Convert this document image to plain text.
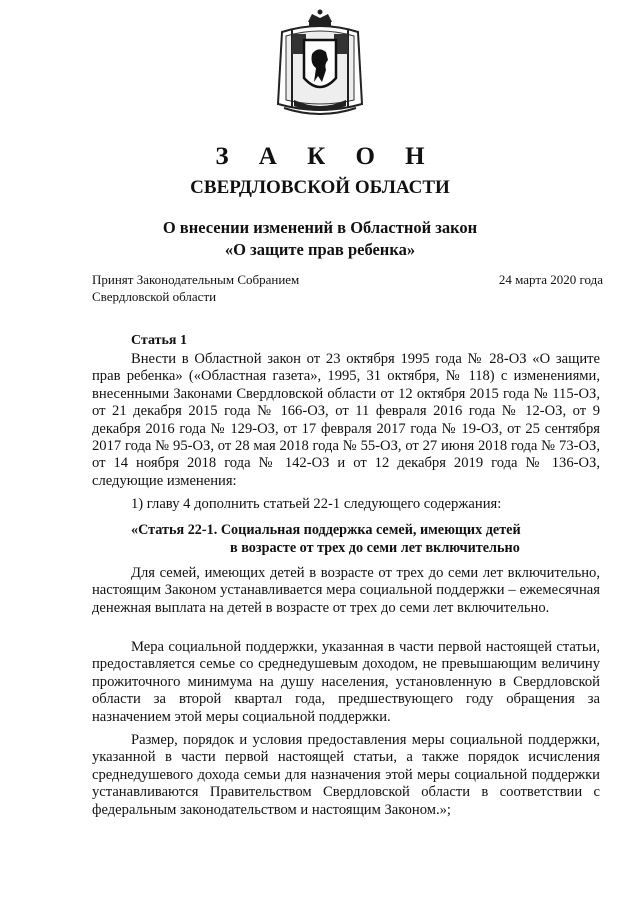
З А К О Н
СВЕРДЛОВСКОЙ ОБЛАСТИ
О внесении изменений в Областной закон
«О защите прав ребенка»
Принят Законодательным Собранием
Свердловской области
24 марта 2020 года
Статья 1
Внести в Областной закон от 23 октября 1995 года № 28-ОЗ «О защите прав ребенка» («Областная газета», 1995, 31 октября, № 118) с изменениями, внесенными Законами Свердловской области от 12 октября 2015 года № 115-ОЗ, от 21 декабря 2015 года № 166-ОЗ, от 11 февраля 2016 года № 12-ОЗ, от 9 декабря 2016 года № 129-ОЗ, от 17 февраля 2017 года № 19-ОЗ, от 25 сентября 2017 года № 95-ОЗ, от 28 мая 2018 года № 55-ОЗ, от 27 июня 2018 года № 73-ОЗ, от 14 ноября 2018 года № 142-ОЗ и от 12 декабря 2019 года № 136-ОЗ, следующие изменения:
1) главу 4 дополнить статьей 22-1 следующего содержания:
«Статья 22-1. Социальная поддержка семей, имеющих детей
в возрасте от трех до семи лет включительно
Для семей, имеющих детей в возрасте от трех до семи лет включительно, настоящим Законом устанавливается мера социальной поддержки – ежемесячная денежная выплата на детей в возрасте от трех до семи лет включительно.
Мера социальной поддержки, указанная в части первой настоящей статьи, предоставляется семье со среднедушевым доходом, не превышающим величину прожиточного минимума на душу населения, установленную в Свердловской области за второй квартал года, предшествующего году обращения за назначением этой меры социальной поддержки.
Размер, порядок и условия предоставления меры социальной поддержки, указанной в части первой настоящей статьи, а также порядок исчисления среднедушевого дохода семьи для назначения этой меры социальной поддержки устанавливаются Правительством Свердловской области в соответствии с федеральным законодательством и настоящим Законом.»;
